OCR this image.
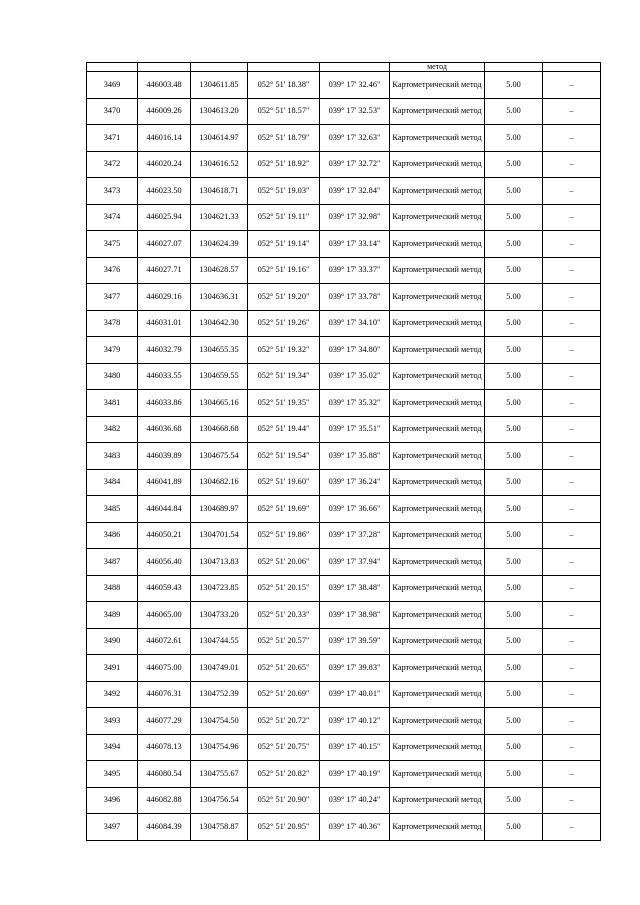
					метод		
3469	446003.48	1304611.85	052° 51' 18.38"	039° 17' 32.46"	Картометрический метод	5.00	–
3470	446009.26	1304613.20	052° 51' 18.57"	039° 17' 32.53"	Картометрический метод	5.00	–
3471	446016.14	1304614.97	052° 51' 18.79"	039° 17' 32.63"	Картометрический метод	5.00	–
3472	446020.24	1304616.52	052° 51' 18.92"	039° 17' 32.72"	Картометрический метод	5.00	–
3473	446023.50	1304618.71	052° 51' 19.03"	039° 17' 32.84"	Картометрический метод	5.00	–
3474	446025.94	1304621.33	052° 51' 19.11"	039° 17' 32.98"	Картометрический метод	5.00	–
3475	446027.07	1304624.39	052° 51' 19.14"	039° 17' 33.14"	Картометрический метод	5.00	–
3476	446027.71	1304628.57	052° 51' 19.16"	039° 17' 33.37"	Картометрический метод	5.00	–
3477	446029.16	1304636.31	052° 51' 19.20"	039° 17' 33.78"	Картометрический метод	5.00	–
3478	446031.01	1304642.30	052° 51' 19.26"	039° 17' 34.10"	Картометрический метод	5.00	–
3479	446032.79	1304655.35	052° 51' 19.32"	039° 17' 34.80"	Картометрический метод	5.00	–
3480	446033.55	1304659.55	052° 51' 19.34"	039° 17' 35.02"	Картометрический метод	5.00	–
3481	446033.86	1304665.16	052° 51' 19.35"	039° 17' 35.32"	Картометрический метод	5.00	–
3482	446036.68	1304668.68	052° 51' 19.44"	039° 17' 35.51"	Картометрический метод	5.00	–
3483	446039.89	1304675.54	052° 51' 19.54"	039° 17' 35.88"	Картометрический метод	5.00	–
3484	446041.89	1304682.16	052° 51' 19.60"	039° 17' 36.24"	Картометрический метод	5.00	–
3485	446044.84	1304689.97	052° 51' 19.69"	039° 17' 36.66"	Картометрический метод	5.00	–
3486	446050.21	1304701.54	052° 51' 19.86"	039° 17' 37.28"	Картометрический метод	5.00	–
3487	446056.40	1304713.83	052° 51' 20.06"	039° 17' 37.94"	Картометрический метод	5.00	–
3488	446059.43	1304723.85	052° 51' 20.15"	039° 17' 38.48"	Картометрический метод	5.00	–
3489	446065.00	1304733.20	052° 51' 20.33"	039° 17' 38.98"	Картометрический метод	5.00	–
3490	446072.61	1304744.55	052° 51' 20.57"	039° 17' 39.59"	Картометрический метод	5.00	–
3491	446075.00	1304749.01	052° 51' 20.65"	039° 17' 39.83"	Картометрический метод	5.00	–
3492	446076.31	1304752.39	052° 51' 20.69"	039° 17' 40.01"	Картометрический метод	5.00	–
3493	446077.29	1304754.50	052° 51' 20.72"	039° 17' 40.12"	Картометрический метод	5.00	–
3494	446078.13	1304754.96	052° 51' 20.75"	039° 17' 40.15"	Картометрический метод	5.00	–
3495	446080.54	1304755.67	052° 51' 20.82"	039° 17' 40.19"	Картометрический метод	5.00	–
3496	446082.88	1304756.54	052° 51' 20.90"	039° 17' 40.24"	Картометрический метод	5.00	–
3497	446084.39	1304758.87	052° 51' 20.95"	039° 17' 40.36"	Картометрический метод	5.00	–
